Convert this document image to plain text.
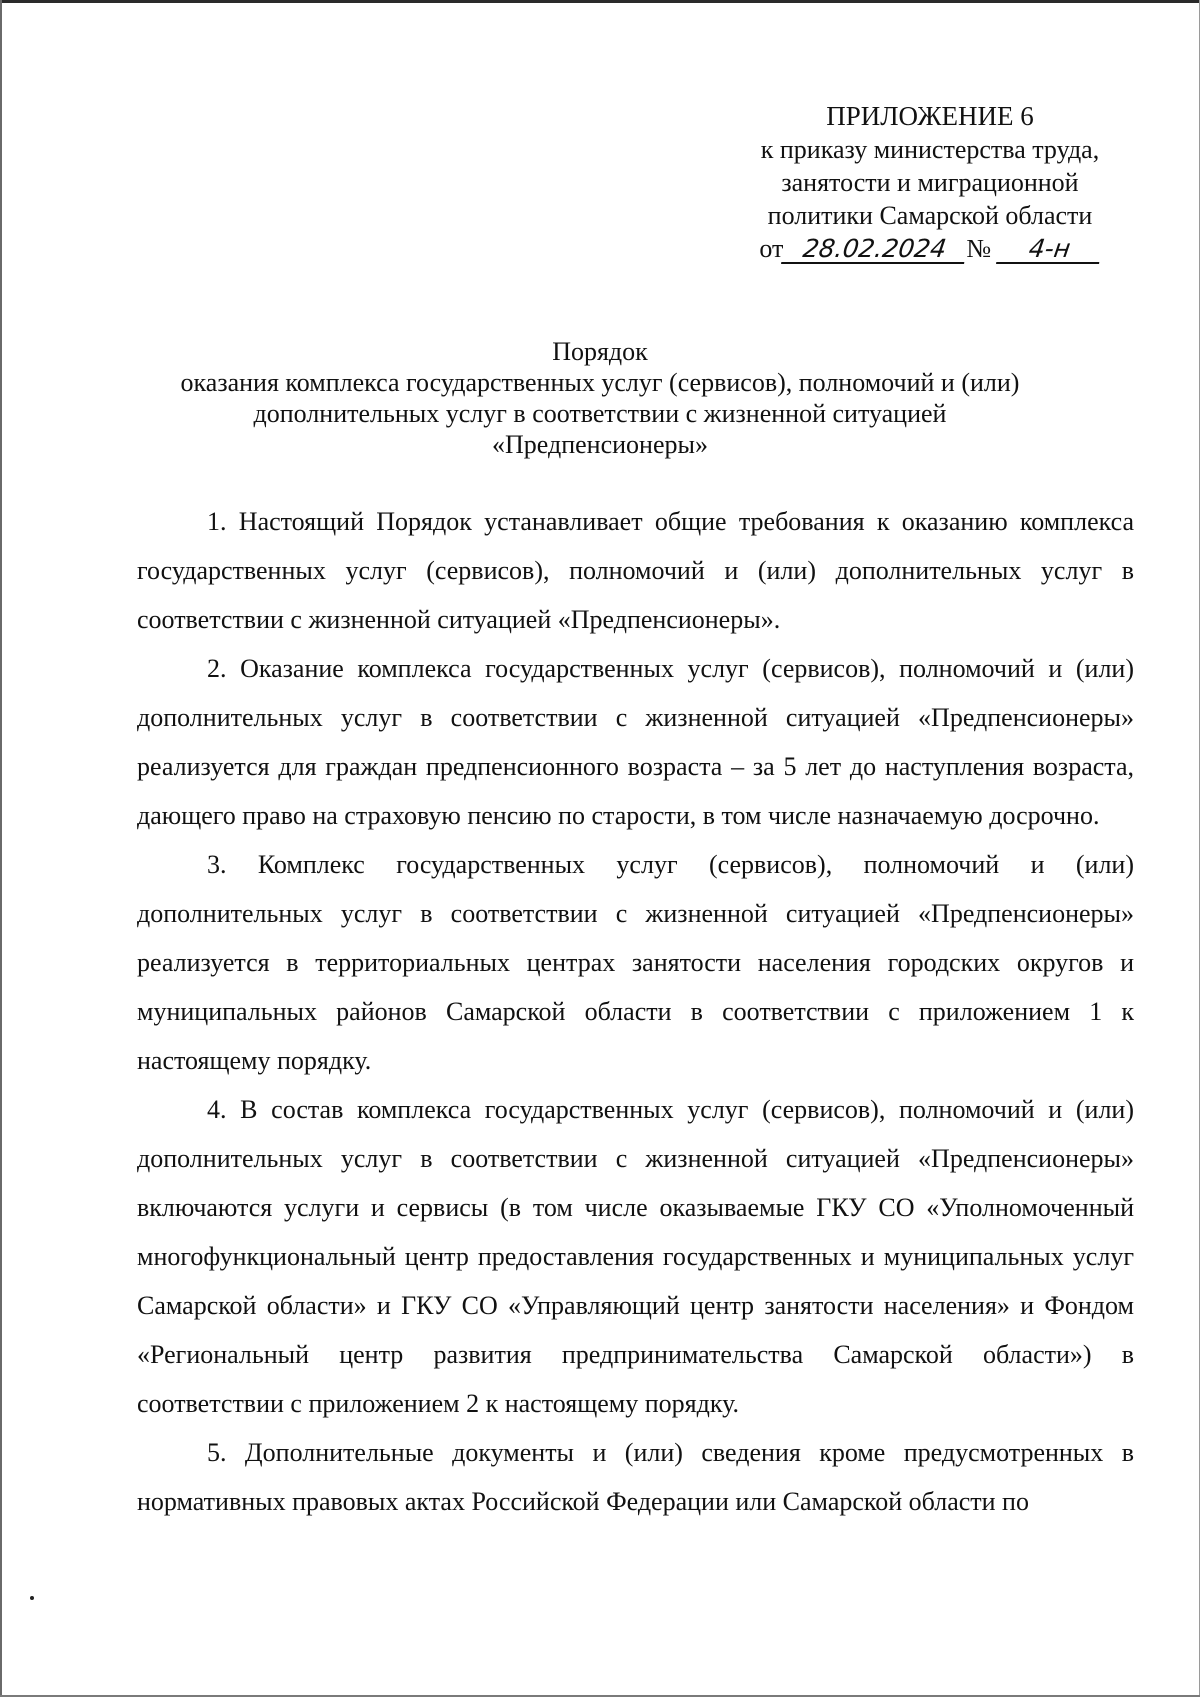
ПРИЛОЖЕНИЕ 6
к приказу министерства труда,
занятости и миграционной
политики Самарской области
от 28.02.2024 № 4-н
Порядок
оказания комплекса государственных услуг (сервисов), полномочий и (или)
дополнительных услуг в соответствии с жизненной ситуацией
«Предпенсионеры»

1. Настоящий Порядок устанавливает общие требования к оказанию комплекса государственных услуг (сервисов), полномочий и (или) дополнительных услуг в соответствии с жизненной ситуацией «Предпенсионеры».

2. Оказание комплекса государственных услуг (сервисов), полномочий и (или) дополнительных услуг в соответствии с жизненной ситуацией «Предпенсионеры» реализуется для граждан предпенсионного возраста – за 5 лет до наступления возраста, дающего право на страховую пенсию по старости, в том числе назначаемую досрочно.

3. Комплекс государственных услуг (сервисов), полномочий и (или) дополнительных услуг в соответствии с жизненной ситуацией «Предпенсионеры» реализуется в территориальных центрах занятости населения городских округов и муниципальных районов Самарской области в соответствии с приложением 1 к настоящему порядку.

4. В состав комплекса государственных услуг (сервисов), полномочий и (или) дополнительных услуг в соответствии с жизненной ситуацией «Предпенсионеры» включаются услуги и сервисы (в том числе оказываемые ГКУ СО «Уполномоченный многофункциональный центр предоставления государственных и муниципальных услуг Самарской области» и ГКУ СО «Управляющий центр занятости населения» и Фондом «Региональный центр развития предпринимательства Самарской области») в соответствии с приложением 2 к настоящему порядку.

5. Дополнительные документы и (или) сведения кроме предусмотренных в нормативных правовых актах Российской Федерации или Самарской области по
